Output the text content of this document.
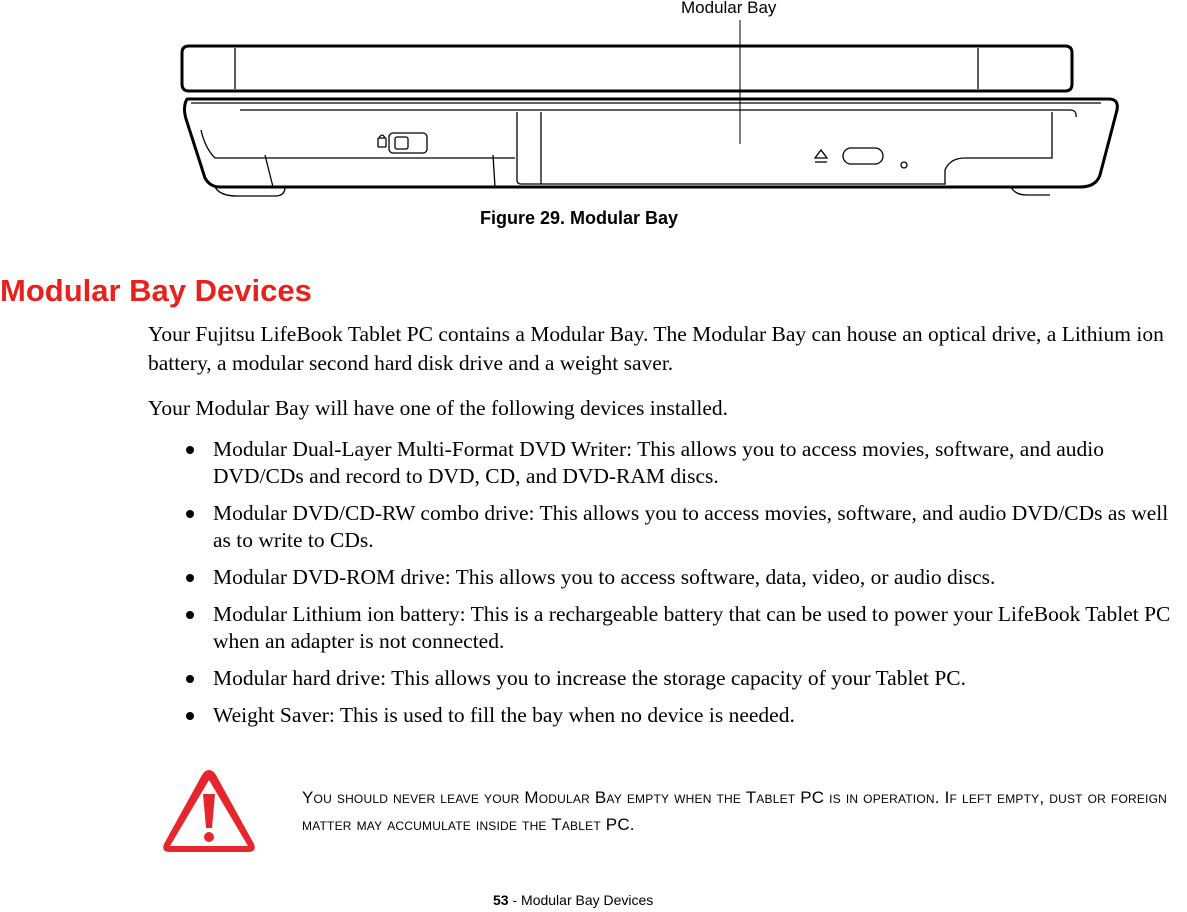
Modular Bay
Figure 29. Modular Bay
Modular Bay Devices

Your Fujitsu LifeBook Tablet PC contains a Modular Bay. The Modular Bay can house an optical drive, a Lithium ion battery, a modular second hard disk drive and a weight saver.

Your Modular Bay will have one of the following devices installed.

Modular Dual-Layer Multi-Format DVD Writer: This allows you to access movies, software, and audio DVD/CDs and record to DVD, CD, and DVD-RAM discs.
Modular DVD/CD-RW combo drive: This allows you to access movies, software, and audio DVD/CDs as well as to write to CDs.
Modular DVD-ROM drive: This allows you to access software, data, video, or audio discs.
Modular Lithium ion battery: This is a rechargeable battery that can be used to power your LifeBook Tablet PC when an adapter is not connected.
Modular hard drive: This allows you to increase the storage capacity of your Tablet PC.
Weight Saver: This is used to fill the bay when no device is needed.

You should never leave your Modular Bay empty when the Tablet PC is in operation. If left empty, dust or foreign matter may accumulate inside the Tablet PC.

53 - Modular Bay Devices
